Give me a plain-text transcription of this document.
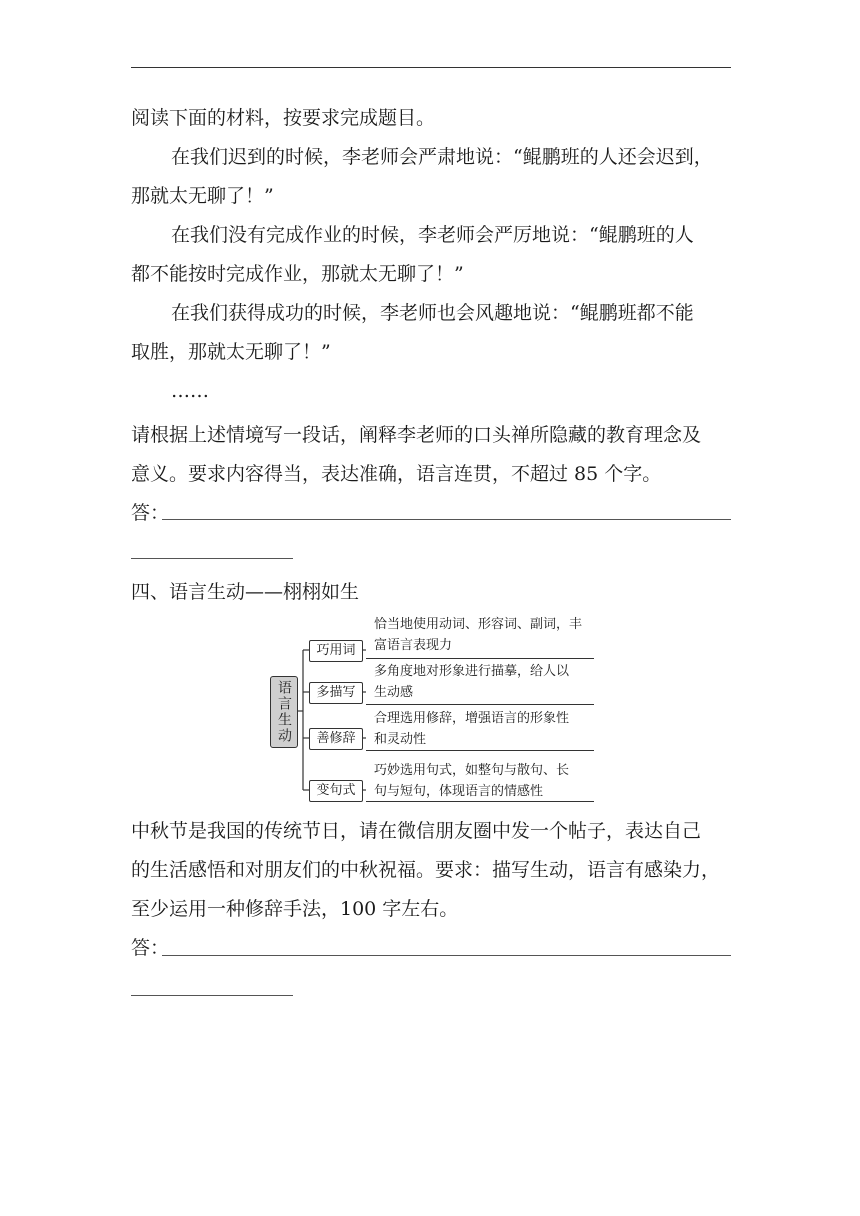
阅读下面的材料，按要求完成题目。
在我们迟到的时候，李老师会严肃地说：“鲲鹏班的人还会迟到，
那就太无聊了！”
在我们没有完成作业的时候，李老师会严厉地说：“鲲鹏班的人
都不能按时完成作业，那就太无聊了！”
在我们获得成功的时候，李老师也会风趣地说：“鲲鹏班都不能
取胜，那就太无聊了！”
……
请根据上述情境写一段话，阐释李老师的口头禅所隐藏的教育理念及
意义。要求内容得当，表达准确，语言连贯，不超过 85 个字。
答：
四、语言生动——栩栩如生
语言生动
巧用词
恰当地使用动词、形容词、副词，丰
富语言表现力
多描写
多角度地对形象进行描摹，给人以
生动感
善修辞
合理选用修辞，增强语言的形象性
和灵动性
变句式
巧妙选用句式，如整句与散句、长
句与短句，体现语言的情感性
中秋节是我国的传统节日，请在微信朋友圈中发一个帖子，表达自己
的生活感悟和对朋友们的中秋祝福。要求：描写生动，语言有感染力，
至少运用一种修辞手法，100 字左右。
答：
